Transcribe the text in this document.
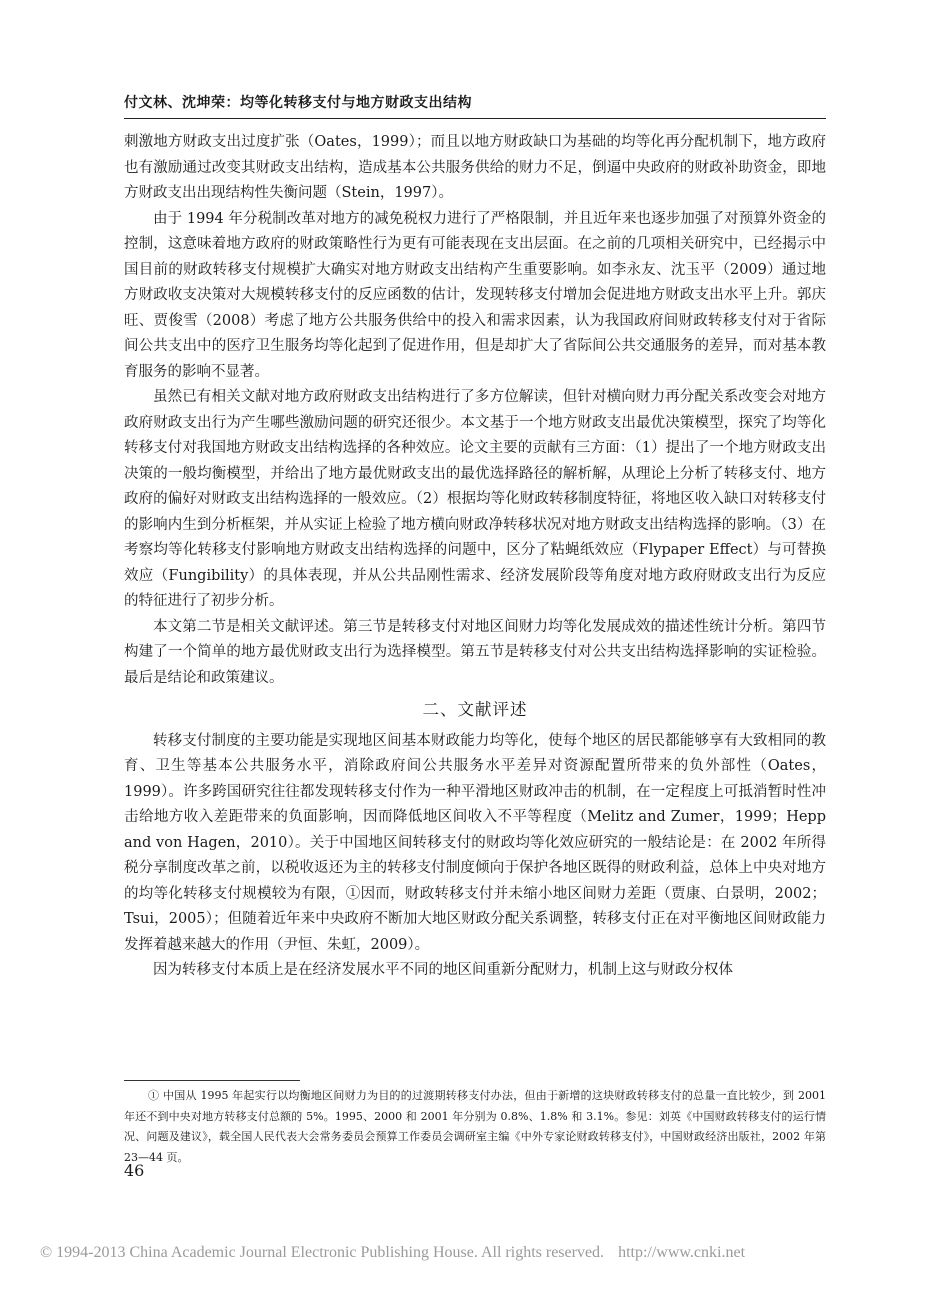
付文林、沈坤荣：均等化转移支付与地方财政支出结构

刺激地方财政支出过度扩张（Oates，1999）；而且以地方财政缺口为基础的均等化再分配机制下，地方政府也有激励通过改变其财政支出结构，造成基本公共服务供给的财力不足，倒逼中央政府的财政补助资金，即地方财政支出出现结构性失衡问题（Stein，1997）。

由于 1994 年分税制改革对地方的减免税权力进行了严格限制，并且近年来也逐步加强了对预算外资金的控制，这意味着地方政府的财政策略性行为更有可能表现在支出层面。在之前的几项相关研究中，已经揭示中国目前的财政转移支付规模扩大确实对地方财政支出结构产生重要影响。如李永友、沈玉平（2009）通过地方财政收支决策对大规模转移支付的反应函数的估计，发现转移支付增加会促进地方财政支出水平上升。郭庆旺、贾俊雪（2008）考虑了地方公共服务供给中的投入和需求因素，认为我国政府间财政转移支付对于省际间公共支出中的医疗卫生服务均等化起到了促进作用，但是却扩大了省际间公共交通服务的差异，而对基本教育服务的影响不显著。

虽然已有相关文献对地方政府财政支出结构进行了多方位解读，但针对横向财力再分配关系改变会对地方政府财政支出行为产生哪些激励问题的研究还很少。本文基于一个地方财政支出最优决策模型，探究了均等化转移支付对我国地方财政支出结构选择的各种效应。论文主要的贡献有三方面：（1）提出了一个地方财政支出决策的一般均衡模型，并给出了地方最优财政支出的最优选择路径的解析解，从理论上分析了转移支付、地方政府的偏好对财政支出结构选择的一般效应。（2）根据均等化财政转移制度特征，将地区收入缺口对转移支付的影响内生到分析框架，并从实证上检验了地方横向财政净转移状况对地方财政支出结构选择的影响。（3）在考察均等化转移支付影响地方财政支出结构选择的问题中，区分了粘蝇纸效应（Flypaper Effect）与可替换效应（Fungibility）的具体表现，并从公共品刚性需求、经济发展阶段等角度对地方政府财政支出行为反应的特征进行了初步分析。

本文第二节是相关文献评述。第三节是转移支付对地区间财力均等化发展成效的描述性统计分析。第四节构建了一个简单的地方最优财政支出行为选择模型。第五节是转移支付对公共支出结构选择影响的实证检验。最后是结论和政策建议。

二、文献评述

转移支付制度的主要功能是实现地区间基本财政能力均等化，使每个地区的居民都能够享有大致相同的教育、卫生等基本公共服务水平，消除政府间公共服务水平差异对资源配置所带来的负外部性（Oates，1999）。许多跨国研究往往都发现转移支付作为一种平滑地区财政冲击的机制，在一定程度上可抵消暂时性冲击给地方收入差距带来的负面影响，因而降低地区间收入不平等程度（Melitz and Zumer，1999；Hepp and von Hagen，2010）。关于中国地区间转移支付的财政均等化效应研究的一般结论是：在 2002 年所得税分享制度改革之前，以税收返还为主的转移支付制度倾向于保护各地区既得的财政利益，总体上中央对地方的均等化转移支付规模较为有限，①因而，财政转移支付并未缩小地区间财力差距（贾康、白景明，2002；Tsui，2005）；但随着近年来中央政府不断加大地区财政分配关系调整，转移支付正在对平衡地区间财政能力发挥着越来越大的作用（尹恒、朱虹，2009）。

因为转移支付本质上是在经济发展水平不同的地区间重新分配财力，机制上这与财政分权体

① 中国从 1995 年起实行以均衡地区间财力为目的的过渡期转移支付办法，但由于新增的这块财政转移支付的总量一直比较少，到 2001 年还不到中央对地方转移支付总额的 5%。1995、2000 和 2001 年分别为 0.8%、1.8% 和 3.1%。参见：刘英《中国财政转移支付的运行情况、问题及建议》，载全国人民代表大会常务委员会预算工作委员会调研室主编《中外专家论财政转移支付》，中国财政经济出版社，2002 年第 23—44 页。

46
© 1994-2013 China Academic Journal Electronic Publishing House. All rights reserved. http://www.cnki.net
